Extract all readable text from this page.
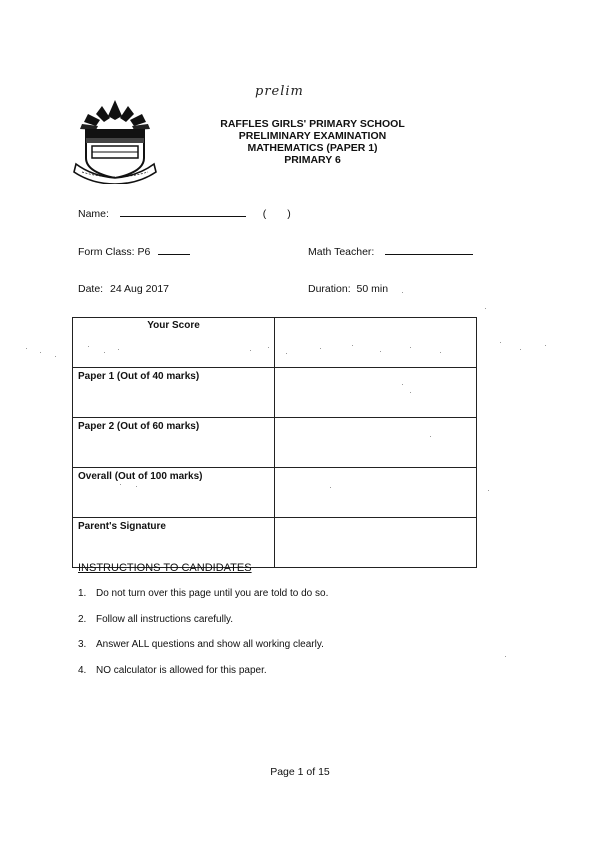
prelim
RAFFLES GIRLS' PRIMARY SCHOOL
PRELIMINARY EXAMINATION
MATHEMATICS (PAPER 1)
PRIMARY 6
Name:	( )
Form Class: P6	Math Teacher:
Date: 24 Aug 2017	Duration: 50 min
Your Score	
Paper 1 (Out of 40 marks)	
Paper 2 (Out of 60 marks)	
Overall (Out of 100 marks)	
Parent's Signature	
INSTRUCTIONS TO CANDIDATES
1. Do not turn over this page until you are told to do so.
2. Follow all instructions carefully.
3. Answer ALL questions and show all working clearly.
4. NO calculator is allowed for this paper.
Page 1 of 15
